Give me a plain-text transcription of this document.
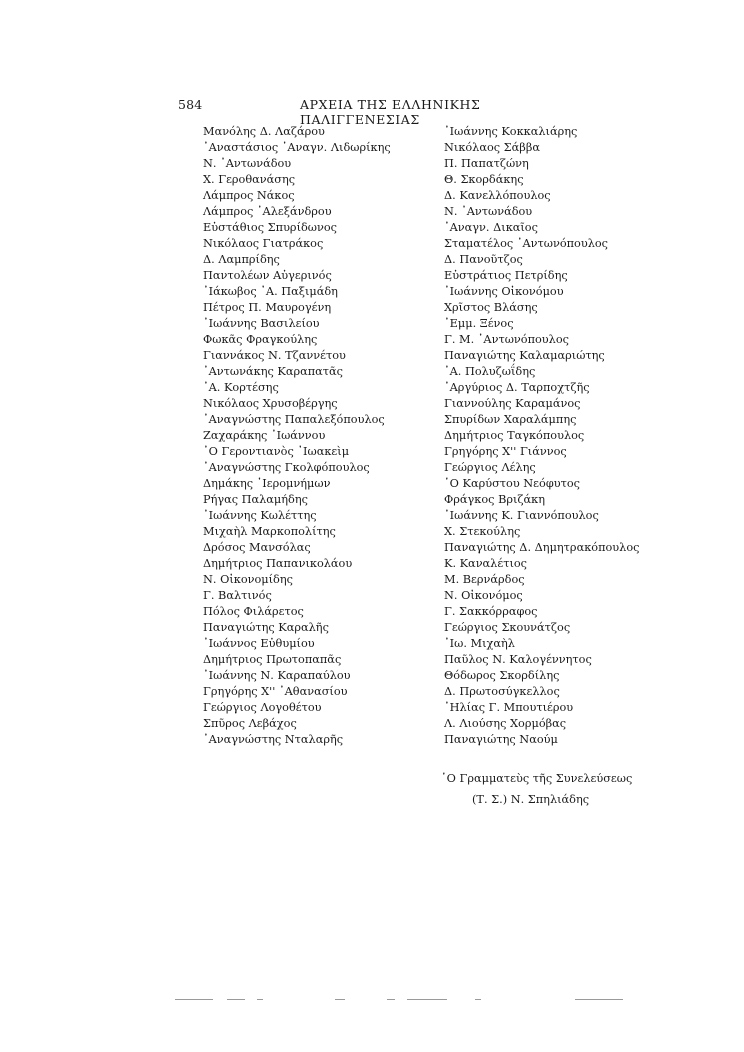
584	ΑΡΧΕΙΑ ΤΗΣ ΕΛΛΗΝΙΚΗΣ ΠΑΛΙΓΓΕΝΕΣΙΑΣ
Μανόλης Δ. Λαζάρου
᾿Αναστάσιος ᾿Αναγν. Λιδωρίκης
Ν. ᾿Αντωνάδου
Χ. Γεροθανάσης
Λάμπρος Νάκος
Λάμπρος ᾿Αλεξάνδρου
Εὐστάθιος Σπυρίδωνος
Νικόλαος Γιατράκος
Δ. Λαμπρίδης
Παντολέων Αὐγερινός
᾿Ιάκωβος ᾿Α. Παξιμάδη
Πέτρος Π. Μαυρογένη
᾿Ιωάννης Βασιλείου
Φωκᾶς Φραγκούλης
Γιαννάκος Ν. Τζαννέτου
᾿Αντωνάκης Καραπατᾶς
᾿Α. Κορτέσης
Νικόλαος Χρυσοβέργης
᾿Αναγνώστης Παπαλεξόπουλος
Ζαχαράκης ᾿Ιωάννου
᾿Ο Γεροντιανὸς ᾿Ιωακεὶμ
᾿Αναγνώστης Γκολφόπουλος
Δημάκης ῾Ιερομνήμων
Ρήγας Παλαμήδης
᾿Ιωάννης Κωλέττης
Μιχαὴλ Μαρκοπολίτης
Δρόσος Μανσόλας
Δημήτριος Παπανικολάου
Ν. Οἰκονομίδης
Γ. Βαλτινός
Πόλος Φιλάρετος
Παναγιώτης Καραλῆς
᾿Ιωάννος Εὐθυμίου
Δημήτριος Πρωτοπαπᾶς
᾿Ιωάννης Ν. Καραπαύλου
Γρηγόρης Χ'' ᾿Αθανασίου
Γεώργιος Λογοθέτου
Σπῦρος Λεβάχος
᾿Αναγνώστης Νταλαρῆς
᾿Ιωάννης Κοκκαλιάρης
Νικόλαος Σάββα
Π. Παπατζώνη
Θ. Σκορδάκης
Δ. Κανελλόπουλος
Ν. ᾿Αντωνάδου
᾿Αναγν. Δικαῖος
Σταματέλος ᾿Αντωνόπουλος
Δ. Πανοῦτζος
Εὐστράτιος Πετρίδης
᾿Ιωάννης Οἰκονόμου
Χρῖστος Βλάσης
᾿Εμμ. Ξένος
Γ. Μ. ᾿Αντωνόπουλος
Παναγιώτης Καλαμαριώτης
᾿Α. Πολυζωΐδης
᾿Αργύριος Δ. Ταρποχτζῆς
Γιαννούλης Καραμάνος
Σπυρίδων Χαραλάμπης
Δημήτριος Ταγκόπουλος
Γρηγόρης Χ'' Γιάννος
Γεώργιος Λέλης
῾Ο Καρύστου Νεόφυτος
Φράγκος Βριζάκη
᾿Ιωάννης Κ. Γιαννόπουλος
Χ. Στεκούλης
Παναγιώτης Δ. Δημητρακόπουλος
Κ. Καναλέτιος
Μ. Βερνάρδος
Ν. Οἰκονόμος
Γ. Σακκόρραφος
Γεώργιος Σκουνάτζος
᾿Ιω. Μιχαὴλ
Παῦλος Ν. Καλογέννητος
Θόδωρος Σκορδίλης
Δ. Πρωτοσύγκελλος
᾿Ηλίας Γ. Μπουτιέρου
Λ. Λιούσης Χορμόβας
Παναγιώτης Ναούμ
῾Ο Γραμματεὺς τῆς Συνελεύσεως
(Τ. Σ.) Ν. Σπηλιάδης
